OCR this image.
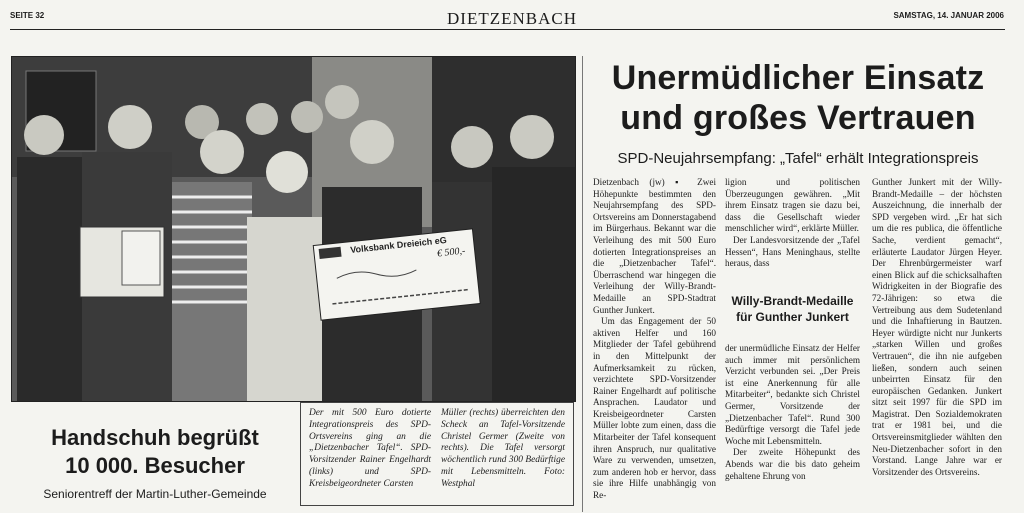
SEITE 32	DIETZENBACH	SAMSTAG, 14. JANUAR 2006
Volksbank Dreieich eG
€ 500,-
Unermüdlicher Einsatz
und großes Vertrauen
SPD-Neujahrsempfang: „Tafel“ erhält Integrationspreis

Dietzenbach (jw) ▪ Zwei Höhepunkte bestimmten den Neujahrsempfang des SPD-Ortsvereins am Donnerstagabend im Bürgerhaus. Bekannt war die Verleihung des mit 500 Euro dotierten Integrationspreises an die „Dietzenbacher Tafel“. Überraschend war hingegen die Verleihung der Willy-Brandt-Medaille an SPD-Stadtrat Gunther Junkert.

Um das Engagement der 50 aktiven Helfer und 160 Mitglieder der Tafel gebührend in den Mittelpunkt der Aufmerksamkeit zu rücken, verzichtete SPD-Vorsitzender Rainer Engelhardt auf politische Ansprachen. Laudator und Kreisbeigeordneter Carsten Müller lobte zum einen, dass die Mitarbeiter der Tafel konsequent ihren Anspruch, nur qualitative Ware zu verwenden, umsetzen, zum anderen hob er hervor, dass sie ihre Hilfe unabhängig von Re-

ligion und politischen Überzeugungen gewähren. „Mit ihrem Einsatz tragen sie dazu bei, dass die Gesellschaft wieder menschlicher wird“, erklärte Müller.

Der Landesvorsitzende der „Tafel Hessen“, Hans Meninghaus, stellte heraus, dass

Willy-Brandt-Medaille
für Gunther Junkert

der unermüdliche Einsatz der Helfer auch immer mit persönlichem Verzicht verbunden sei. „Der Preis ist eine Anerkennung für alle Mitarbeiter“, bedankte sich Christel Germer, Vorsitzende der „Dietzenbacher Tafel“. Rund 300 Bedürftige versorgt die Tafel jede Woche mit Lebensmitteln.

Der zweite Höhepunkt des Abends war die bis dato geheim gehaltene Ehrung von

Gunther Junkert mit der Willy-Brandt-Medaille – der höchsten Auszeichnung, die innerhalb der SPD vergeben wird. „Er hat sich um die res publica, die öffentliche Sache, verdient gemacht“, erläuterte Laudator Jürgen Heyer. Der Ehrenbürgermeister warf einen Blick auf die schicksalhaften Widrigkeiten in der Biografie des 72-Jährigen: so etwa die Vertreibung aus dem Sudetenland und die Inhaftierung in Bautzen. Heyer würdigte nicht nur Junkerts „starken Willen und großes Vertrauen“, die ihn nie aufgeben ließen, sondern auch seinen unbeirrten Einsatz für den europäischen Gedanken. Junkert sitzt seit 1997 für die SPD im Magistrat. Den Sozialdemokraten trat er 1981 bei, und die Ortsvereinsmitglieder wählten den Neu-Dietzenbacher sofort in den Vorstand. Lange Jahre war er Vorsitzender des Ortsvereins.

Der mit 500 Euro dotierte Integrationspreis des SPD-Ortsvereins ging an die „Dietzenbacher Tafel“. SPD-Vorsitzender Rainer Engelhardt (links) und SPD-Kreisbeigeordneter Carsten
Müller (rechts) überreichten den Scheck an Tafel-Vorsitzende Christel Germer (Zweite von rechts). Die Tafel versorgt wöchentlich rund 300 Bedürftige mit Lebensmitteln. Foto: Westphal
Handschuh begrüßt
10 000. Besucher
Seniorentreff der Martin-Luther-Gemeinde
